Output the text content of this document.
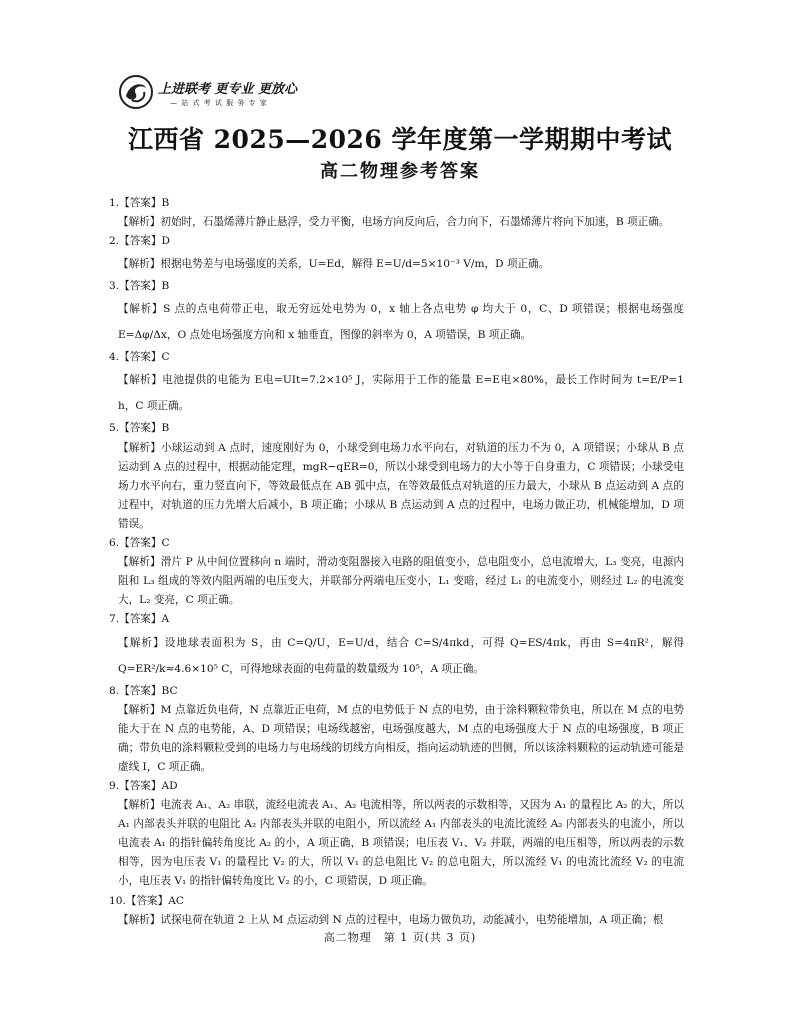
上进联考 更专业 更放心
— 站 式 考 试 服 务 专 家
江西省 2025—2026 学年度第一学期期中考试
高二物理参考答案
1.【答案】B
【解析】初始时，石墨烯薄片静止悬浮，受力平衡，电场方向反向后，合力向下，石墨烯薄片将向下加速，B 项正确。
2.【答案】D
【解析】根据电势差与电场强度的关系，U=Ed，解得 E=U/d=5×10⁻³ V/m，D 项正确。
3.【答案】B
【解析】S 点的点电荷带正电，取无穷远处电势为 0，x 轴上各点电势 φ 均大于 0，C、D 项错误；根据电场强度 E=Δφ/Δx，O 点处电场强度方向和 x 轴垂直，图像的斜率为 0，A 项错误，B 项正确。
4.【答案】C
【解析】电池提供的电能为 E电=UIt=7.2×10⁵ J，实际用于工作的能量 E=E电×80%，最长工作时间为 t=E/P=1 h，C 项正确。
5.【答案】B
【解析】小球运动到 A 点时，速度刚好为 0，小球受到电场力水平向右，对轨道的压力不为 0，A 项错误；小球从 B 点运动到 A 点的过程中，根据动能定理，mgR−qER=0，所以小球受到电场力的大小等于自身重力，C 项错误；小球受电场力水平向右，重力竖直向下，等效最低点在 AB 弧中点，在等效最低点对轨道的压力最大，小球从 B 点运动到 A 点的过程中，对轨道的压力先增大后减小，B 项正确；小球从 B 点运动到 A 点的过程中，电场力做正功，机械能增加，D 项错误。
6.【答案】C
【解析】滑片 P 从中间位置移向 n 端时，滑动变阻器接入电路的阻值变小，总电阻变小，总电流增大，L₃ 变亮，电源内阻和 L₃ 组成的等效内阻两端的电压变大，并联部分两端电压变小，L₁ 变暗，经过 L₁ 的电流变小，则经过 L₂ 的电流变大，L₂ 变亮，C 项正确。
7.【答案】A
【解析】设地球表面积为 S，由 C=Q/U，E=U/d，结合 C=S/4πkd，可得 Q=ES/4πk，再由 S=4πR²，解得 Q=ER²/k≈4.6×10⁵ C，可得地球表面的电荷量的数量级为 10⁵，A 项正确。
8.【答案】BC
【解析】M 点靠近负电荷，N 点靠近正电荷，M 点的电势低于 N 点的电势，由于涂料颗粒带负电，所以在 M 点的电势能大于在 N 点的电势能，A、D 项错误；电场线越密，电场强度越大，M 点的电场强度大于 N 点的电场强度，B 项正确；带负电的涂料颗粒受到的电场力与电场线的切线方向相反，指向运动轨迹的凹侧，所以该涂料颗粒的运动轨迹可能是虚线 Ⅰ，C 项正确。
9.【答案】AD
【解析】电流表 A₁、A₂ 串联，流经电流表 A₁、A₂ 电流相等，所以两表的示数相等，又因为 A₁ 的量程比 A₂ 的大，所以 A₁ 内部表头并联的电阻比 A₂ 内部表头并联的电阻小，所以流经 A₁ 内部表头的电流比流经 A₂ 内部表头的电流小，所以电流表 A₁ 的指针偏转角度比 A₂ 的小，A 项正确，B 项错误；电压表 V₁、V₂ 并联，两端的电压相等，所以两表的示数相等，因为电压表 V₁ 的量程比 V₂ 的大，所以 V₁ 的总电阻比 V₂ 的总电阻大，所以流经 V₁ 的电流比流经 V₂ 的电流小，电压表 V₁ 的指针偏转角度比 V₂ 的小，C 项错误，D 项正确。
10.【答案】AC
【解析】试探电荷在轨道 2 上从 M 点运动到 N 点的过程中，电场力做负功，动能减小，电势能增加，A 项正确；根
高二物理　第 1 页(共 3 页)
